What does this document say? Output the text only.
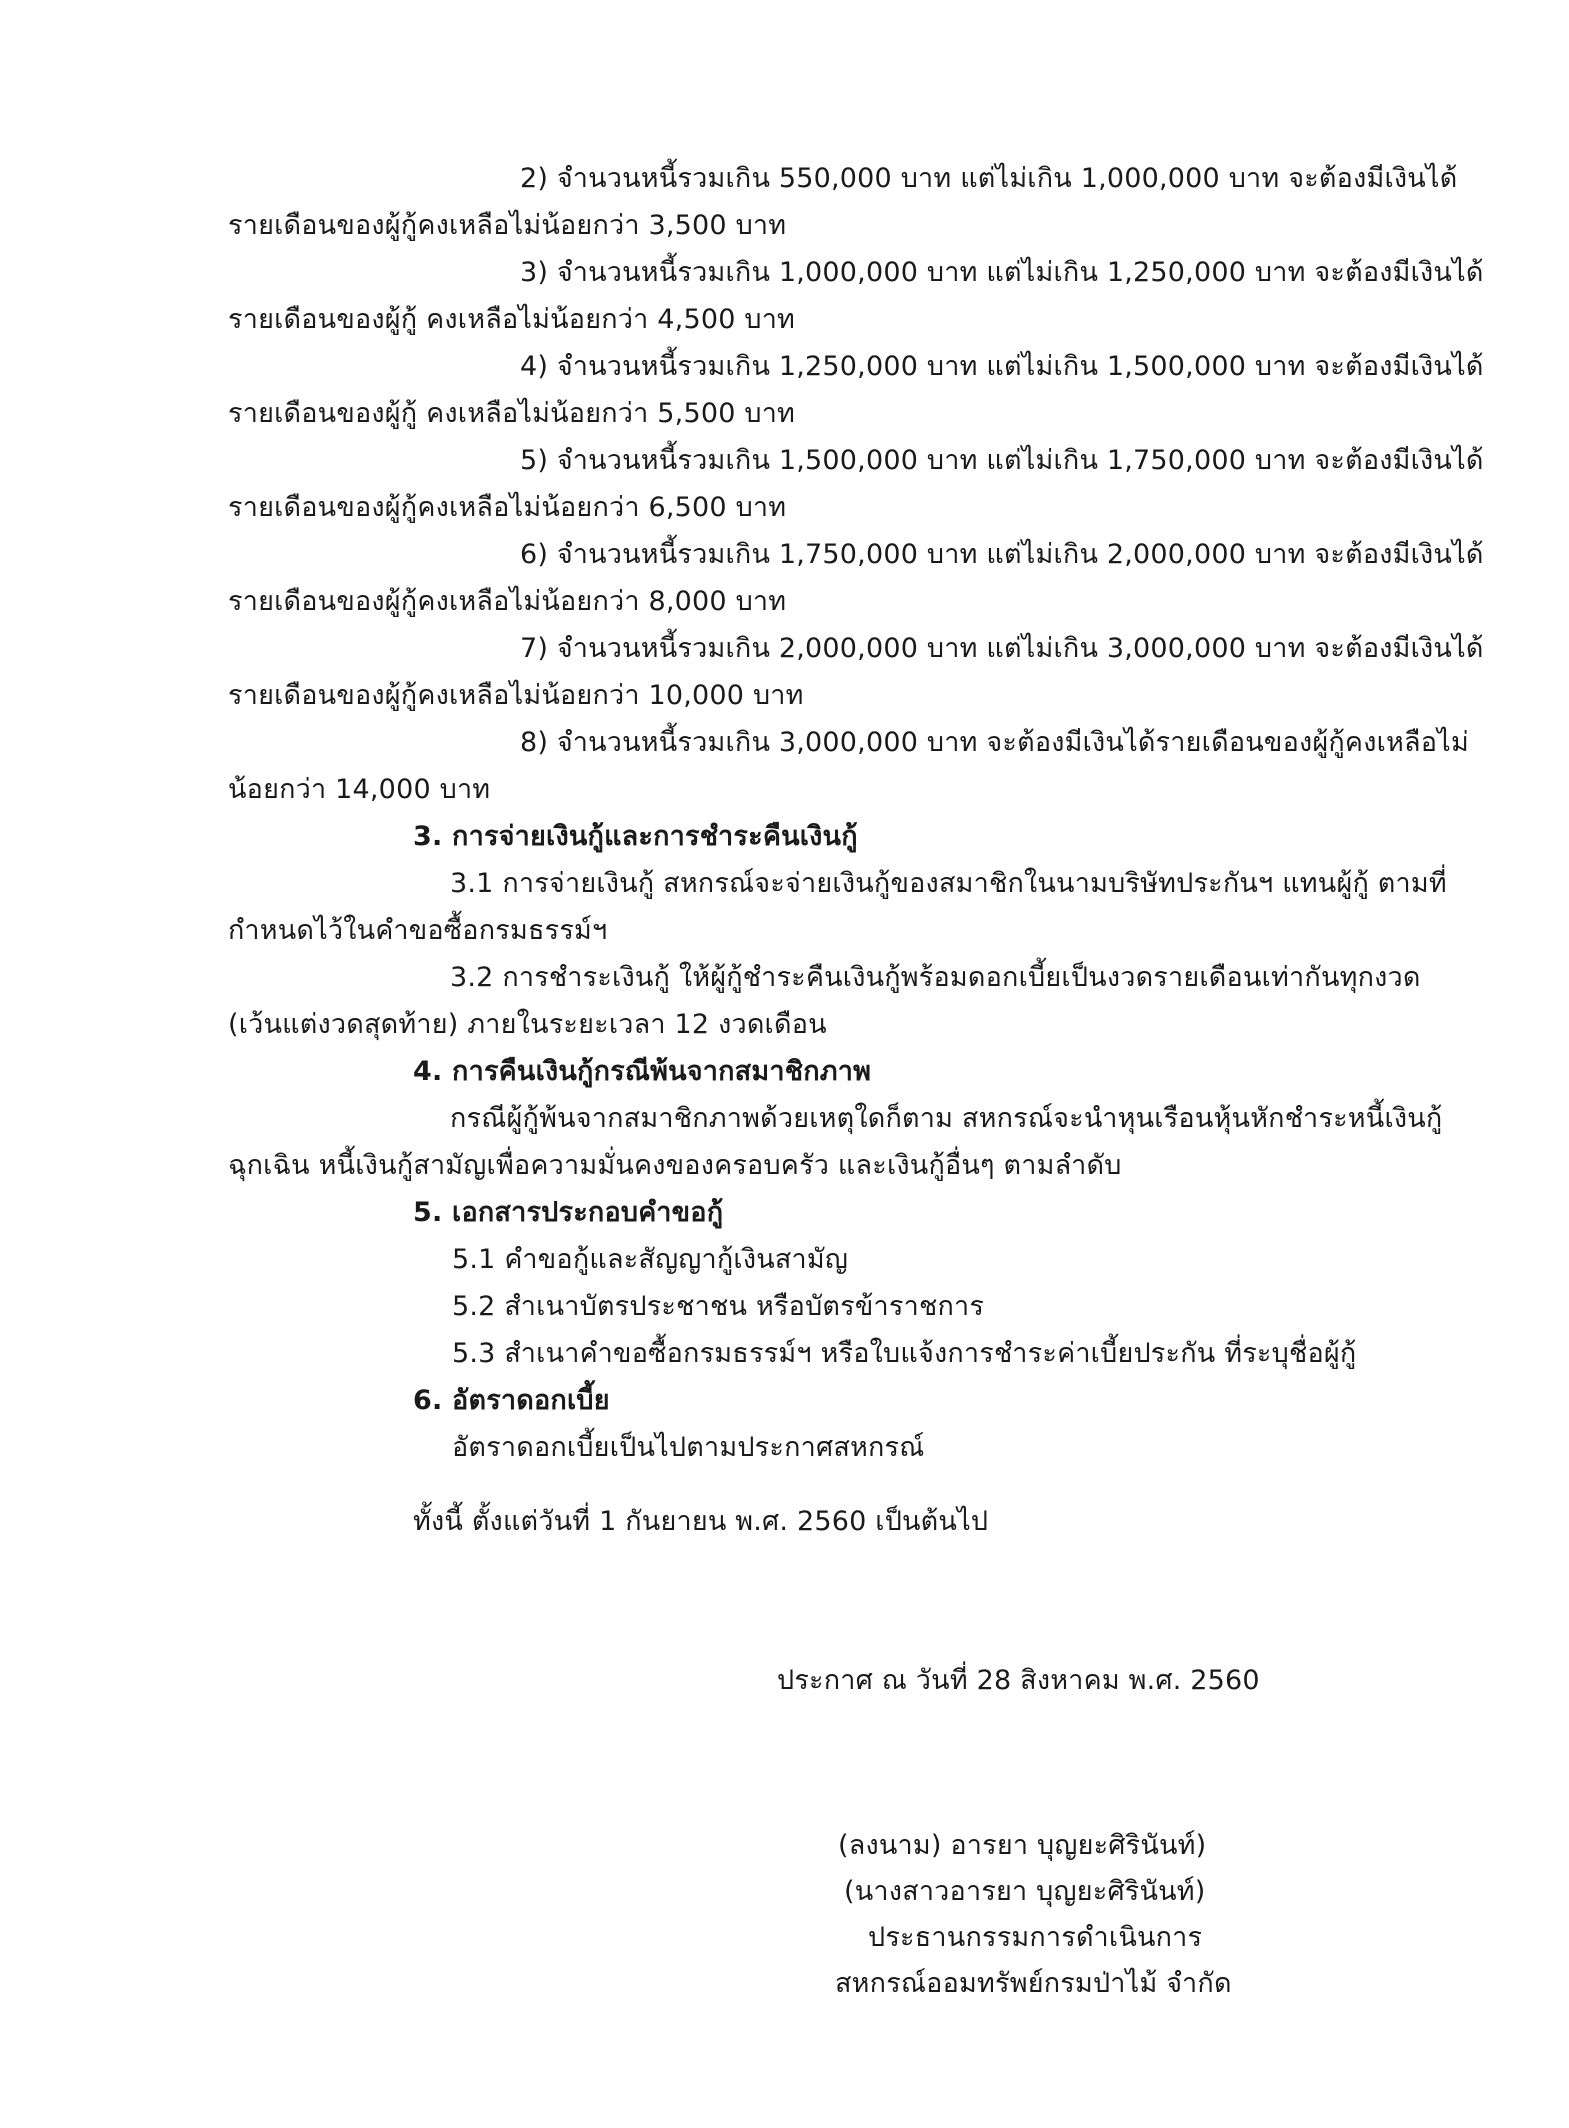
2) จำนวนหนี้รวมเกิน 550,000 บาท แต่ไม่เกิน 1,000,000 บาท จะต้องมีเงินได้
รายเดือนของผู้กู้คงเหลือไม่น้อยกว่า 3,500 บาท
3) จำนวนหนี้รวมเกิน 1,000,000 บาท แต่ไม่เกิน 1,250,000 บาท จะต้องมีเงินได้
รายเดือนของผู้กู้ คงเหลือไม่น้อยกว่า 4,500 บาท
4) จำนวนหนี้รวมเกิน 1,250,000 บาท แต่ไม่เกิน 1,500,000 บาท จะต้องมีเงินได้
รายเดือนของผู้กู้ คงเหลือไม่น้อยกว่า 5,500 บาท
5) จำนวนหนี้รวมเกิน 1,500,000 บาท แต่ไม่เกิน 1,750,000 บาท จะต้องมีเงินได้
รายเดือนของผู้กู้คงเหลือไม่น้อยกว่า 6,500 บาท
6) จำนวนหนี้รวมเกิน 1,750,000 บาท แต่ไม่เกิน 2,000,000 บาท จะต้องมีเงินได้
รายเดือนของผู้กู้คงเหลือไม่น้อยกว่า 8,000 บาท
7) จำนวนหนี้รวมเกิน 2,000,000 บาท แต่ไม่เกิน 3,000,000 บาท จะต้องมีเงินได้
รายเดือนของผู้กู้คงเหลือไม่น้อยกว่า 10,000 บาท
8) จำนวนหนี้รวมเกิน 3,000,000 บาท จะต้องมีเงินได้รายเดือนของผู้กู้คงเหลือไม่
น้อยกว่า 14,000 บาท
3. การจ่ายเงินกู้และการชำระคืนเงินกู้
3.1 การจ่ายเงินกู้ สหกรณ์จะจ่ายเงินกู้ของสมาชิกในนามบริษัทประกันฯ แทนผู้กู้ ตามที่
กำหนดไว้ในคำขอซื้อกรมธรรม์ฯ
3.2 การชำระเงินกู้ ให้ผู้กู้ชำระคืนเงินกู้พร้อมดอกเบี้ยเป็นงวดรายเดือนเท่ากันทุกงวด
(เว้นแต่งวดสุดท้าย) ภายในระยะเวลา 12 งวดเดือน
4. การคืนเงินกู้กรณีพ้นจากสมาชิกภาพ
กรณีผู้กู้พ้นจากสมาชิกภาพด้วยเหตุใดก็ตาม สหกรณ์จะนำหุนเรือนหุ้นหักชำระหนี้เงินกู้
ฉุกเฉิน หนี้เงินกู้สามัญเพื่อความมั่นคงของครอบครัว และเงินกู้อื่นๆ ตามลำดับ
5. เอกสารประกอบคำขอกู้
5.1 คำขอกู้และสัญญากู้เงินสามัญ
5.2 สำเนาบัตรประชาชน หรือบัตรข้าราชการ
5.3 สำเนาคำขอซื้อกรมธรรม์ฯ หรือใบแจ้งการชำระค่าเบี้ยประกัน ที่ระบุชื่อผู้กู้
6. อัตราดอกเบี้ย
อัตราดอกเบี้ยเป็นไปตามประกาศสหกรณ์
ทั้งนี้ ตั้งแต่วันที่ 1 กันยายน พ.ศ. 2560 เป็นต้นไป
ประกาศ ณ วันที่ 28 สิงหาคม พ.ศ. 2560
(ลงนาม) อารยา บุญยะศิรินันท์)
(นางสาวอารยา บุญยะศิรินันท์)
ประธานกรรมการดำเนินการ
สหกรณ์ออมทรัพย์กรมป่าไม้ จำกัด
